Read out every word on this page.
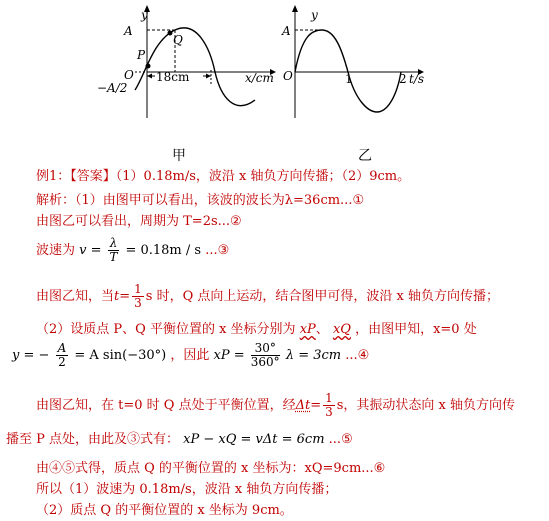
y
A
P
Q
O
−A/2
18cm	x/cm
y
A
O	1	2 t/s
甲	乙
例1：【答案】（1）0.18m/s，波沿 x 轴负方向传播；（2）9cm。
解析：（1）由图甲可以看出，该波的波长为λ=36cm...①
由图乙可以看出，周期为 T=2s...②
波速为 $v = \frac{\lambda}{T} = 0.18m / s$ ...③
由图乙知，当$t= \frac{1}{3}$ s 时，Q 点向上运动，结合图甲可得，波沿 x 轴负方向传播；
（2）设质点 P、Q 平衡位置的 x 坐标分别为 xP、 xQ ，由图甲知，x=0 处
y = − $\frac{A}{2} = A$ sin(−30°) ，因此 xP = $\frac{30^\circ}{360^\circ}$ λ = 3cm ...④
由图乙知，在 t=0 时 Q 点处于平衡位置，经$\Delta t= \frac{1}{3}$ s，其振动状态向 x 轴负方向传
播至 P 点处，由此及③式有： xP − xQ = vΔt = 6cm ...⑤
由④⑤式得，质点 Q 的平衡位置的 x 坐标为：xQ=9cm...⑥
所以（1）波速为 0.18m/s，波沿 x 轴负方向传播；
（2）质点 Q 的平衡位置的 x 坐标为 9cm。
